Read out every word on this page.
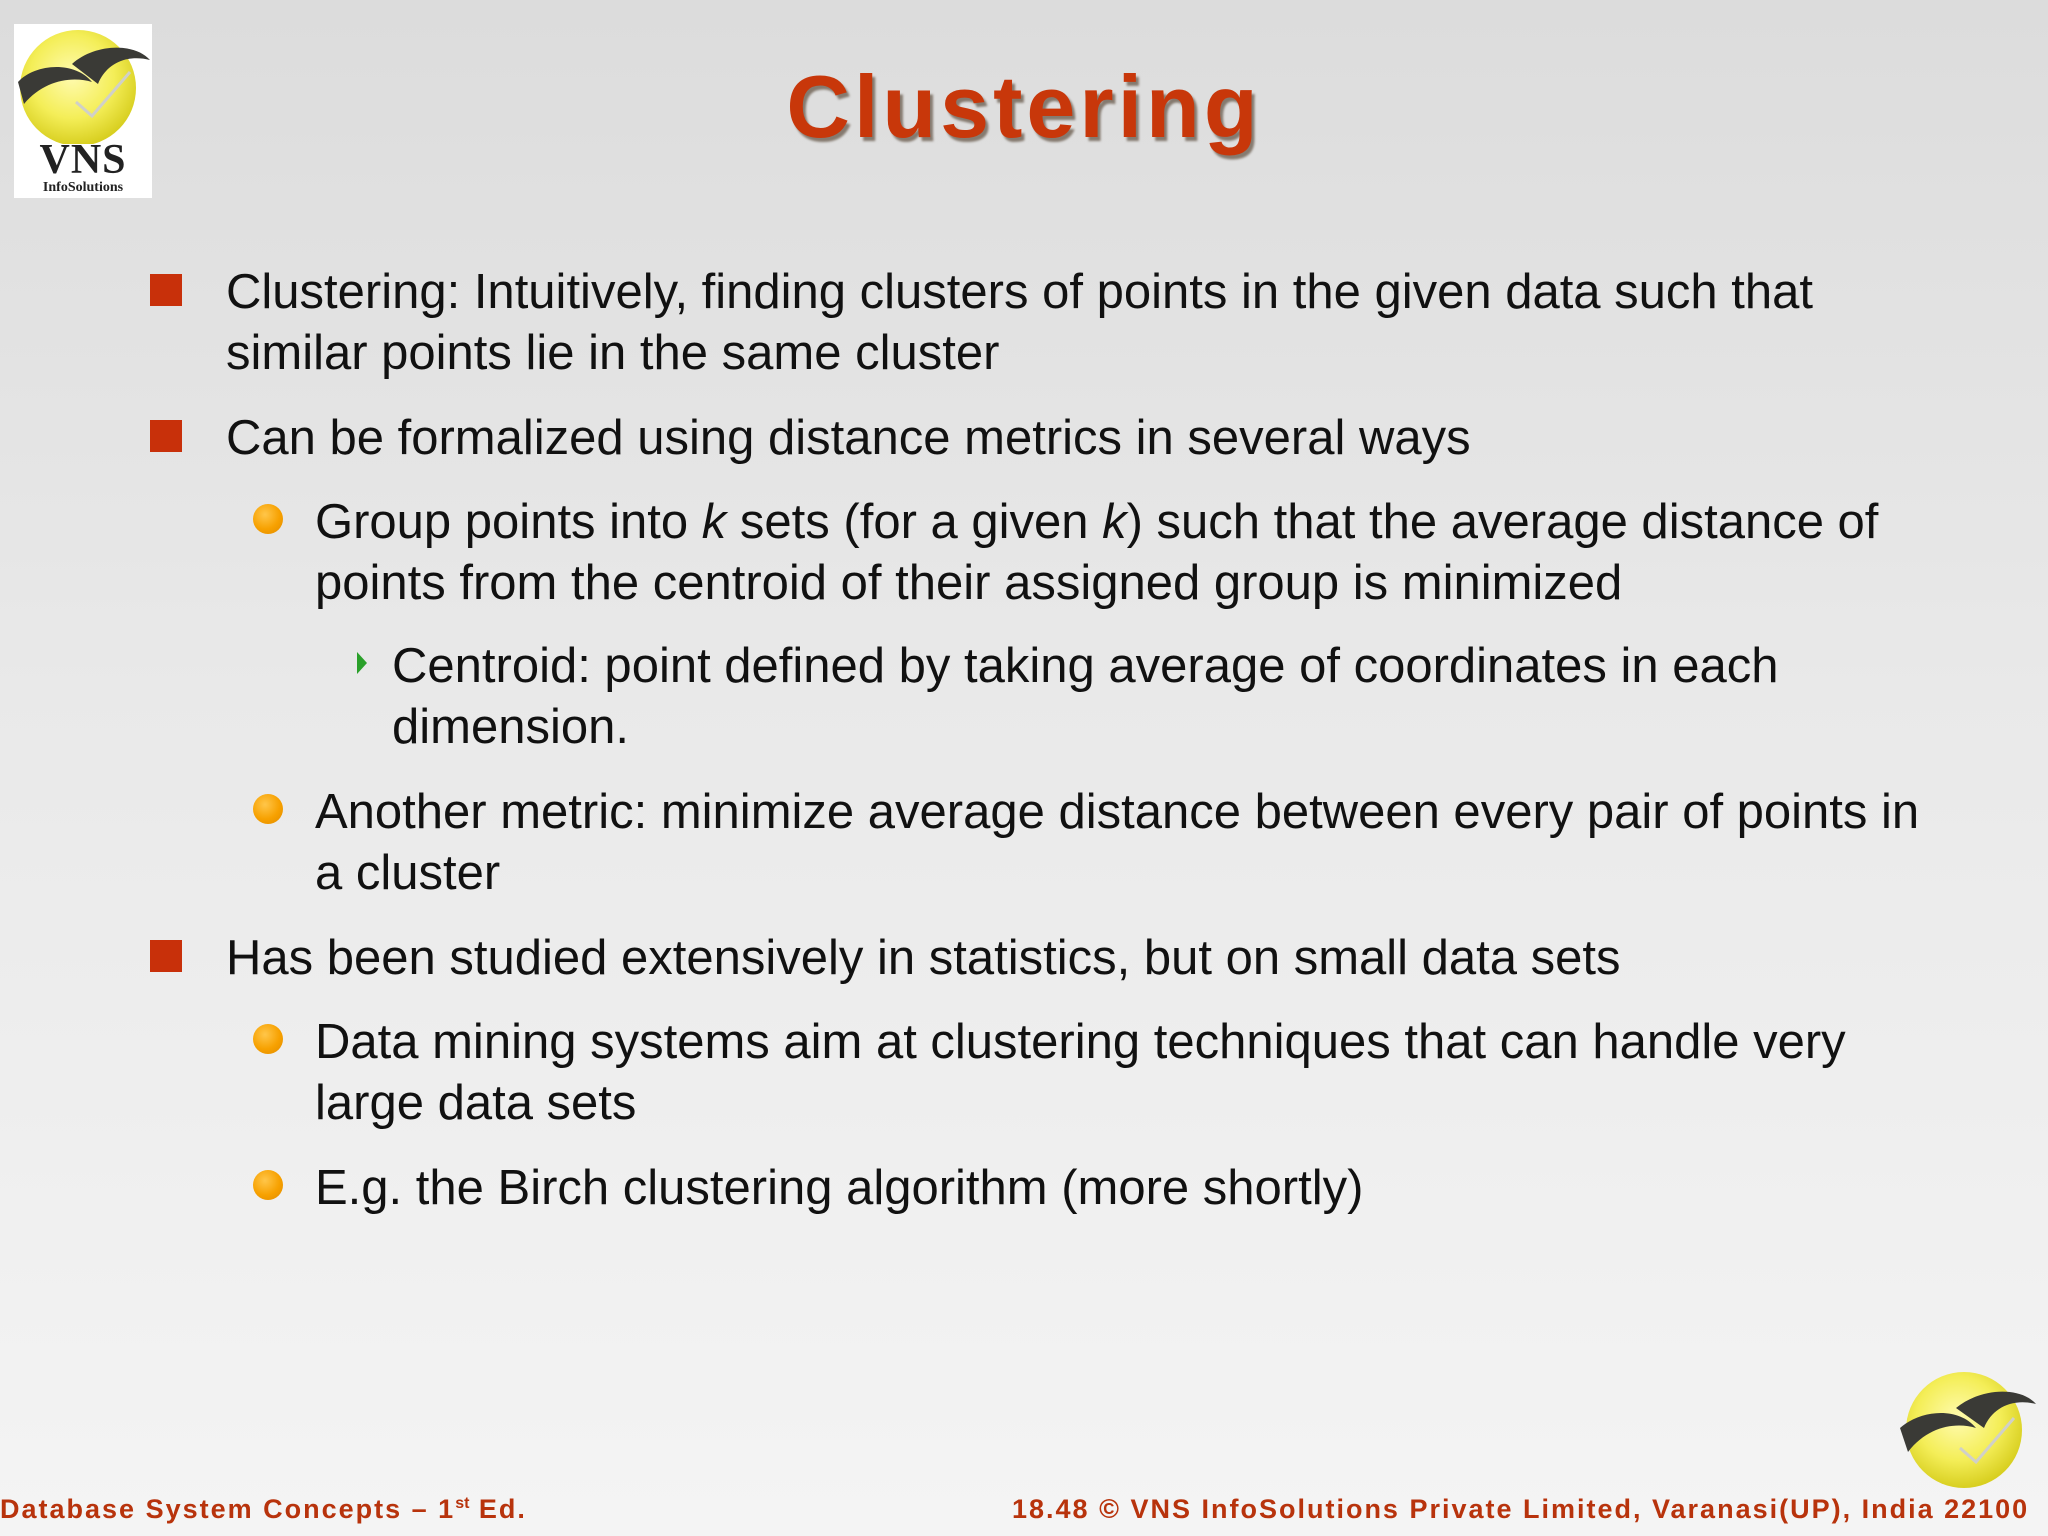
VNS
InfoSolutions
Clustering
Clustering: Intuitively, finding clusters of points in the given data such that similar points lie in the same cluster
Can be formalized using distance metrics in several ways
Group points into k sets (for a given k) such that the average distance of points from the centroid of their assigned group is minimized
Centroid: point defined by taking average of coordinates in each dimension.
Another metric: minimize average distance between every pair of points in a cluster
Has been studied extensively in statistics, but on small data sets
Data mining systems aim at clustering techniques that can handle very large data sets
E.g. the Birch clustering algorithm (more shortly)
Database System Concepts – 1st Ed.	18.48 © VNS InfoSolutions Private Limited, Varanasi(UP), India 22100
